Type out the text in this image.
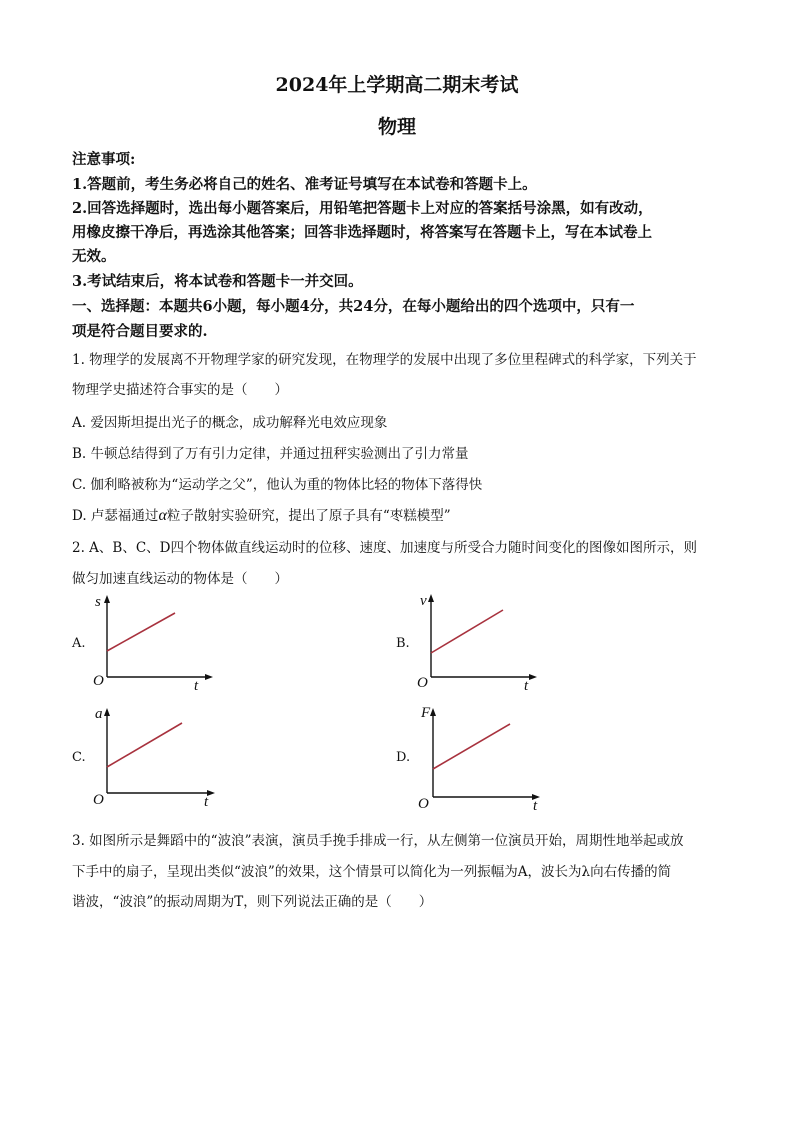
2024年上学期高二期末考试
物理
注意事项:
1.答题前，考生务必将自己的姓名、准考证号填写在本试卷和答题卡上。
2.回答选择题时，选出每小题答案后，用铅笔把答题卡上对应的答案括号涂黑，如有改动，
用橡皮擦干净后，再选涂其他答案；回答非选择题时，将答案写在答题卡上，写在本试卷上
无效。
3.考试结束后，将本试卷和答题卡一并交回。
一、选择题：本题共6小题，每小题4分，共24分，在每小题给出的四个选项中，只有一
项是符合题目要求的.
1. 物理学的发展离不开物理学家的研究发现，在物理学的发展中出现了多位里程碑式的科学家，下列关于
物理学史描述符合事实的是（　　）
A. 爱因斯坦提出光子的概念，成功解释光电效应现象
B. 牛顿总结得到了万有引力定律，并通过扭秤实验测出了引力常量
C. 伽利略被称为“运动学之父”，他认为重的物体比轻的物体下落得快
D. 卢瑟福通过α粒子散射实验研究，提出了原子具有“枣糕模型”
2. A、B、C、D四个物体做直线运动时的位移、速度、加速度与所受合力随时间变化的图像如图所示，则
做匀加速直线运动的物体是（　　）
A.
s
t
O
B.
v
t
O
C.
a
t
O
D.
F
t
O
3. 如图所示是舞蹈中的“波浪”表演，演员手挽手排成一行，从左侧第一位演员开始，周期性地举起或放
下手中的扇子，呈现出类似“波浪”的效果，这个情景可以简化为一列振幅为A，波长为λ向右传播的简
谐波，“波浪”的振动周期为T，则下列说法正确的是（　　）
